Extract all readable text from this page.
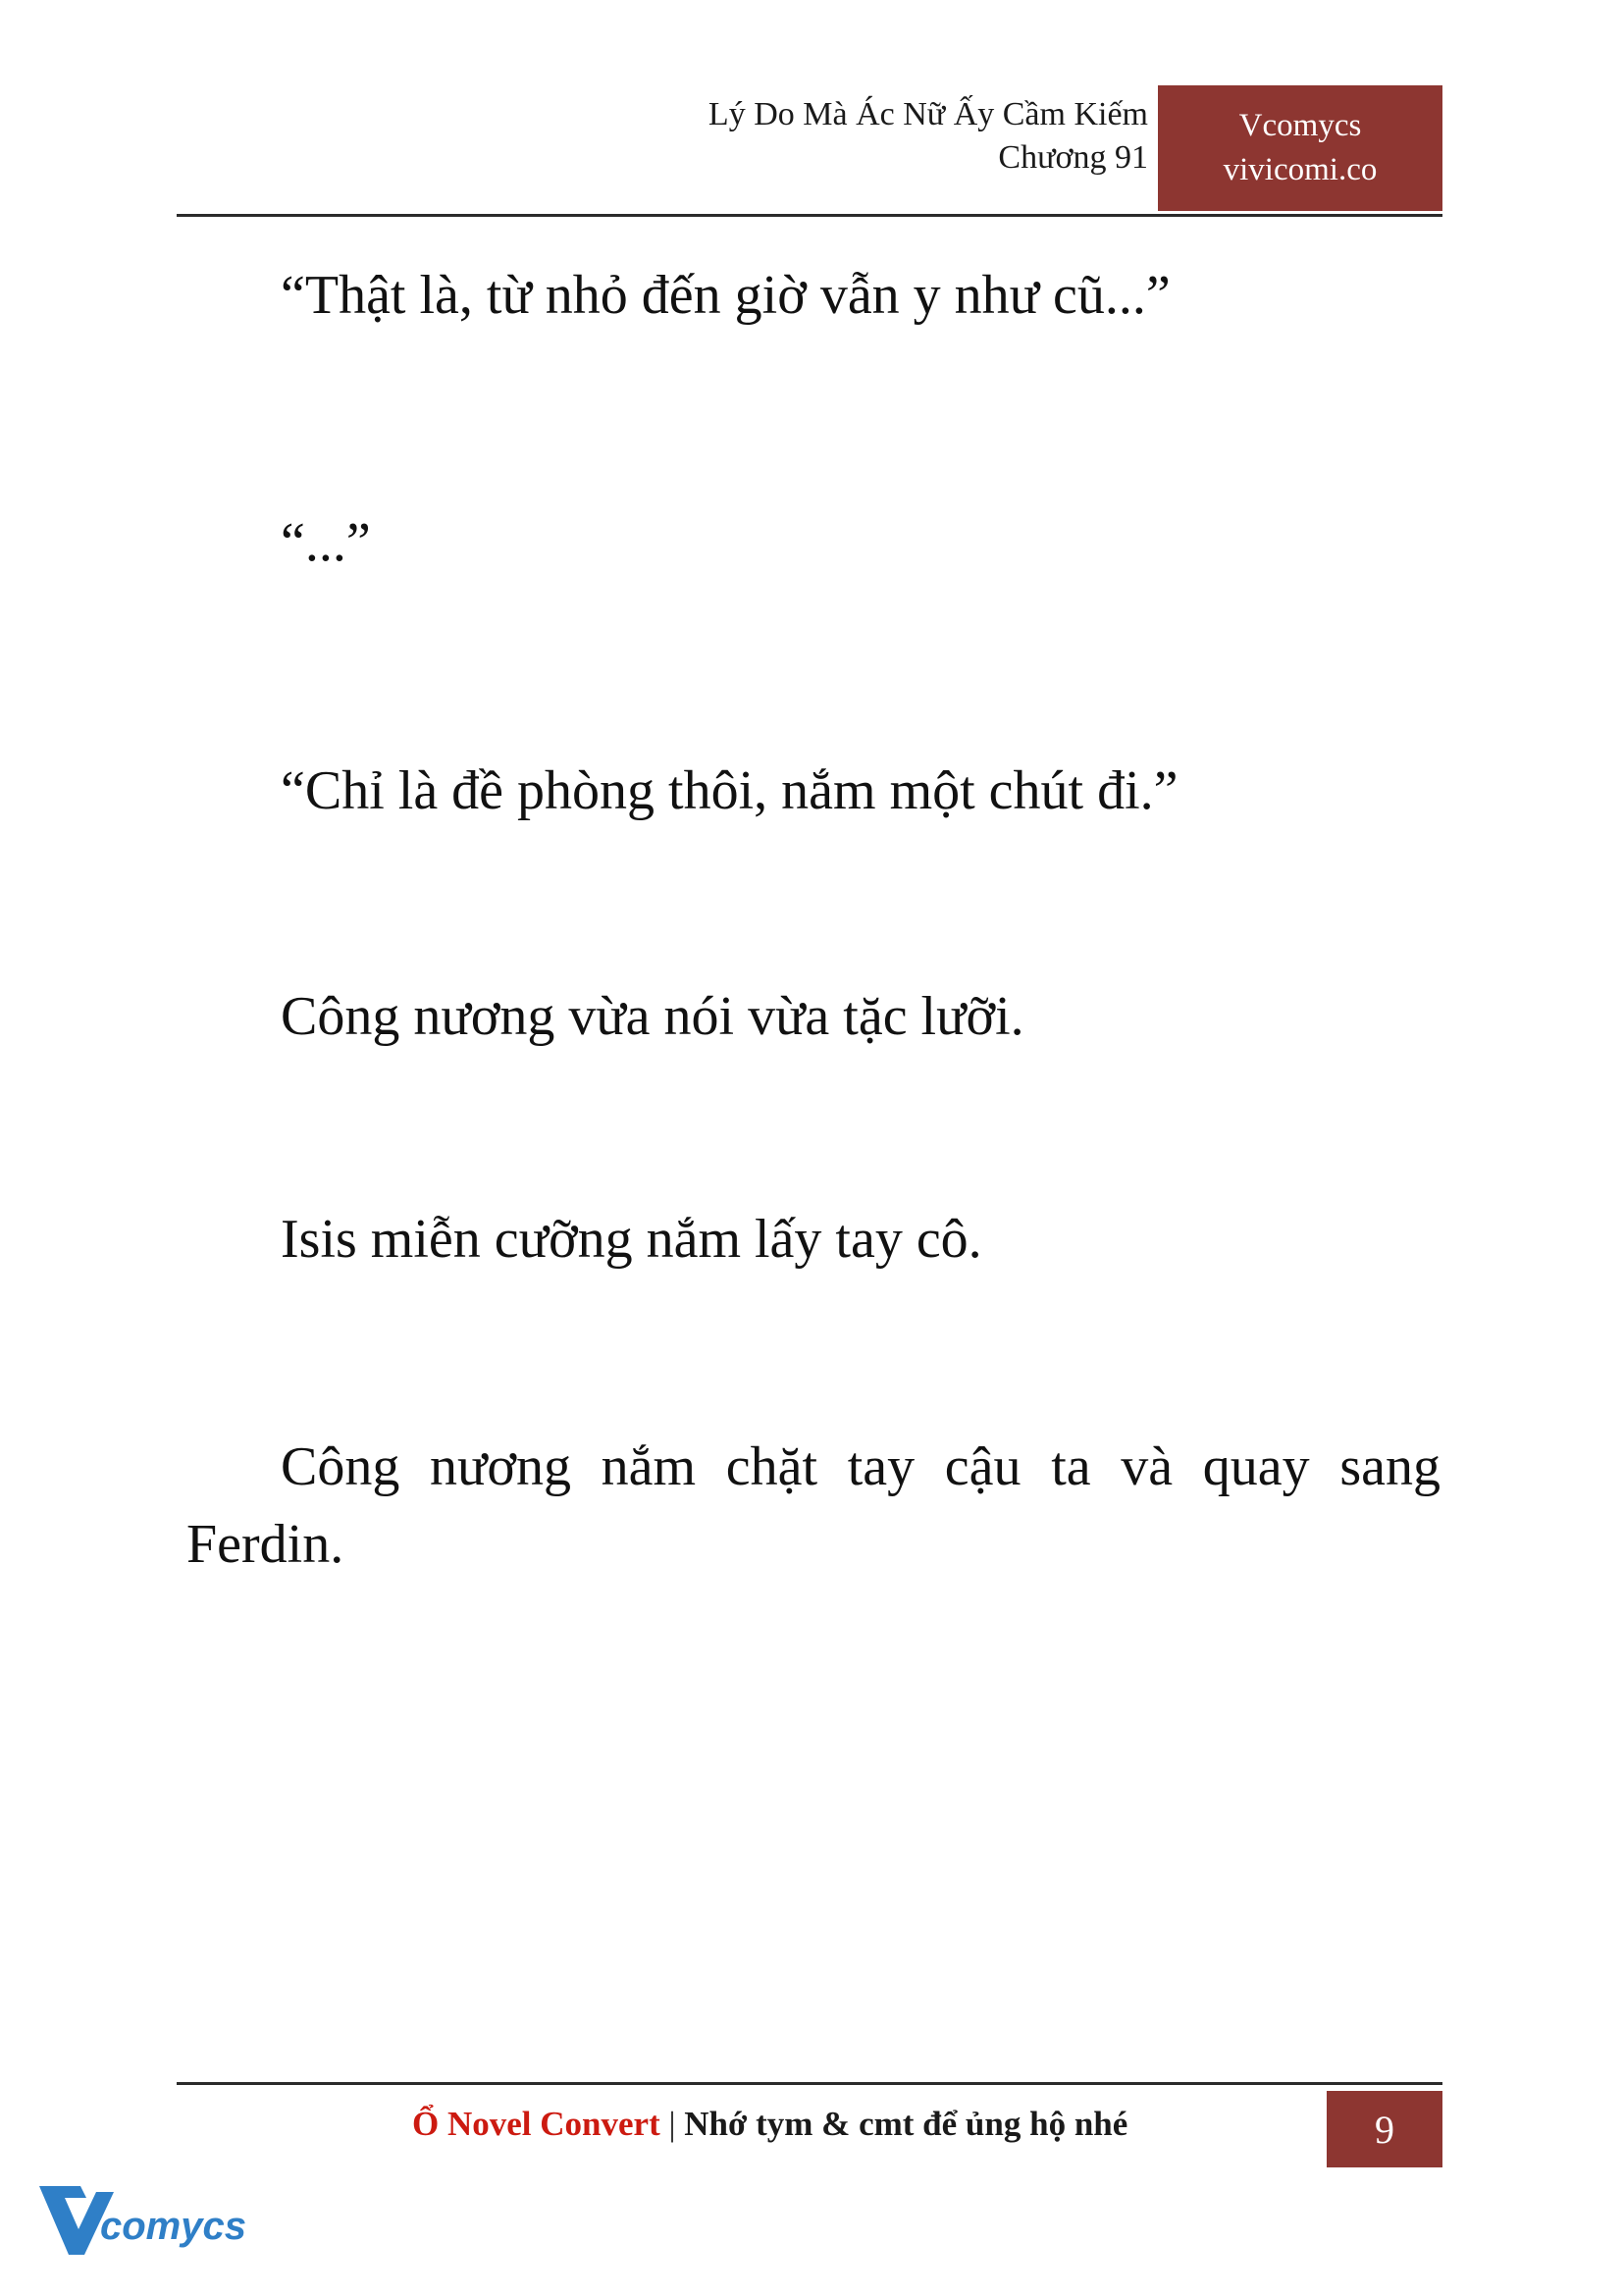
Lý Do Mà Ác Nữ Ấy Cầm Kiếm
Chương 91
Vcomycs
vivicomi.co

“Thật là, từ nhỏ đến giờ vẫn y như cũ...”

“...”

“Chỉ là đề phòng thôi, nắm một chút đi.”

Công nương vừa nói vừa tặc lưỡi.

Isis miễn cưỡng nắm lấy tay cô.

Công nương nắm chặt tay cậu ta và quay sang Ferdin.

Ổ Novel Convert | Nhớ tym & cmt để ủng hộ nhé	9
comycs
